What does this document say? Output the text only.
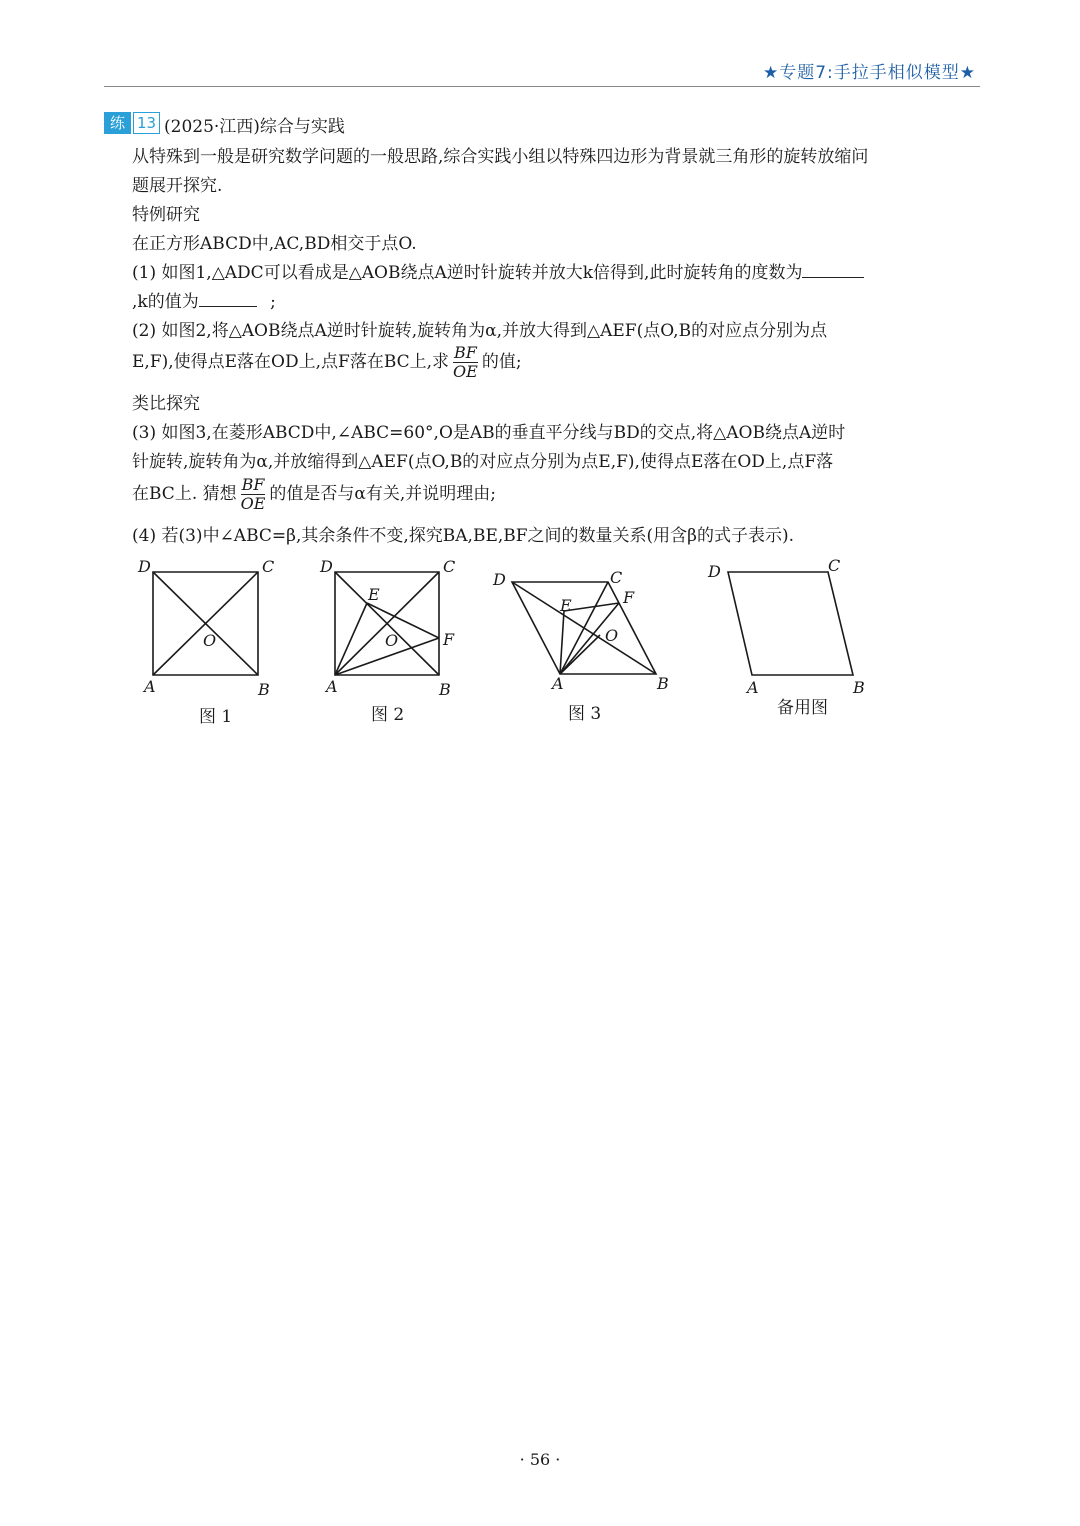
★专题7:手拉手相似模型★
练 13 (2025·江西)综合与实践
从特殊到一般是研究数学问题的一般思路,综合实践小组以特殊四边形为背景就三角形的旋转放缩问
题展开探究.
特例研究
在正方形ABCD中,AC,BD相交于点O.
(1) 如图1,△ADC可以看成是△AOB绕点A逆时针旋转并放大k倍得到,此时旋转角的度数为
,k的值为	;
(2) 如图2,将△AOB绕点A逆时针旋转,旋转角为α,并放大得到△AEF(点O,B的对应点分别为点
E,F),使得点E落在OD上,点F落在BC上,求 $\frac{BF}{OE}$ 的值;
类比探究
(3) 如图3,在菱形ABCD中,∠ABC=60°,O是AB的垂直平分线与BD的交点,将△AOB绕点A逆时
针旋转,旋转角为α,并放缩得到△AEF(点O,B的对应点分别为点E,F),使得点E落在OD上,点F落
在BC上. 猜想 $\frac{BF}{OE}$ 的值是否与α有关,并说明理由;
(4) 若(3)中∠ABC=β,其余条件不变,探究BA,BE,BF之间的数量关系(用含β的式子表示).
D	C
A	B
O
D	C
A	B
E
O	F
D	C
F
E
O
A	B
D	C
A	B
图 1	图 2	图 3	备用图
· 56 ·
